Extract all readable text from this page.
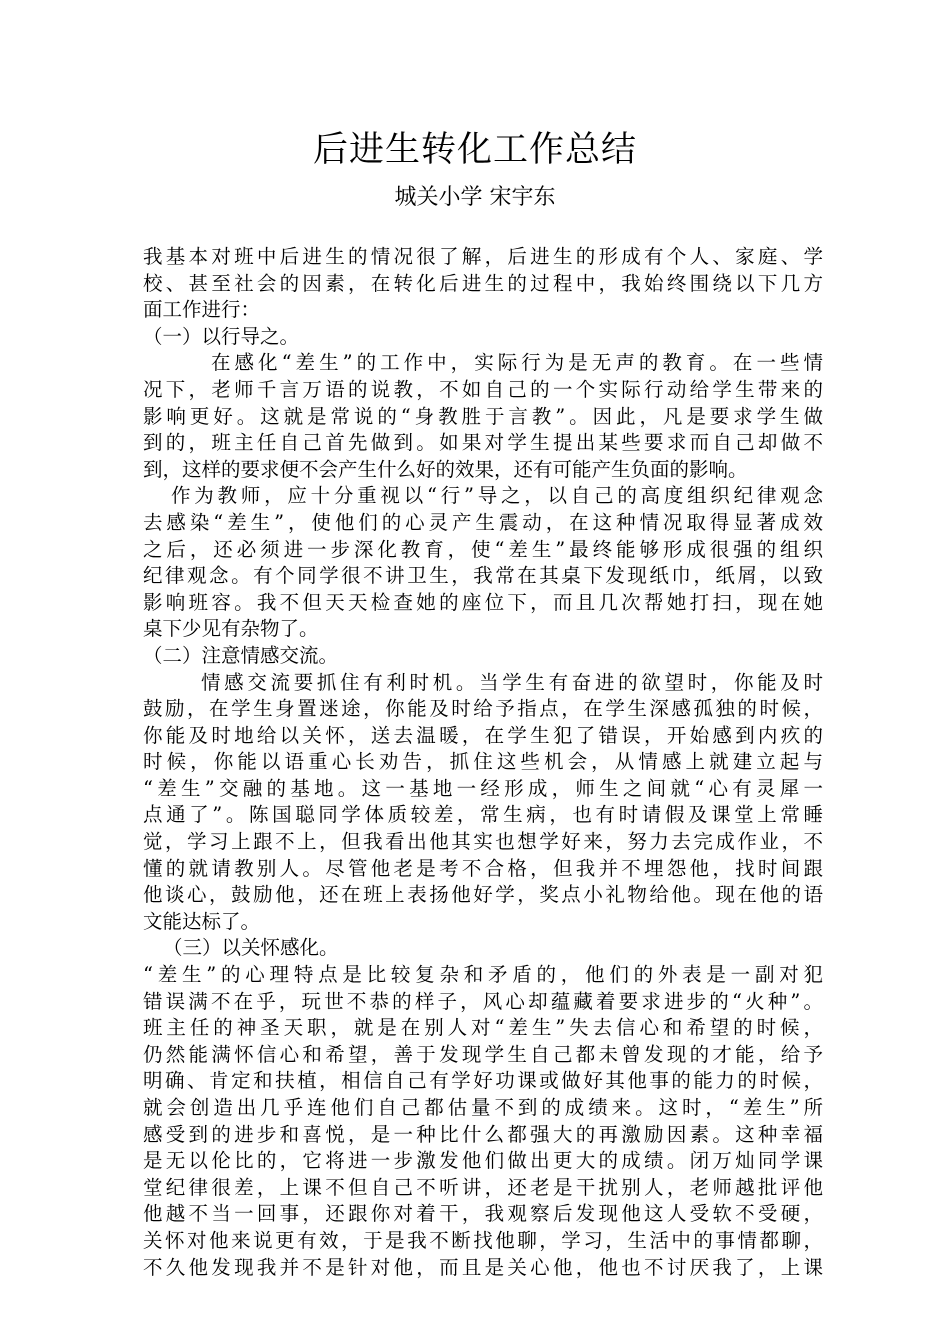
后进生转化工作总结
城关小学 宋宇东
我基本对班中后进生的情况很了解，后进生的形成有个人、家庭、学
校、甚至社会的因素，在转化后进生的过程中，我始终围绕以下几方
面工作进行：
（一）以行导之。
在感化“差生”的工作中，实际行为是无声的教育。在一些情
况下，老师千言万语的说教，不如自己的一个实际行动给学生带来的
影响更好。这就是常说的“身教胜于言教”。因此，凡是要求学生做
到的，班主任自己首先做到。如果对学生提出某些要求而自己却做不
到，这样的要求便不会产生什么好的效果，还有可能产生负面的影响。
作为教师，应十分重视以“行”导之，以自己的高度组织纪律观念
去感染“差生”，使他们的心灵产生震动，在这种情况取得显著成效
之后，还必须进一步深化教育，使“差生”最终能够形成很强的组织
纪律观念。有个同学很不讲卫生，我常在其桌下发现纸巾，纸屑，以致
影响班容。我不但天天检查她的座位下，而且几次帮她打扫，现在她
桌下少见有杂物了。
（二）注意情感交流。
情感交流要抓住有利时机。当学生有奋进的欲望时，你能及时
鼓励，在学生身置迷途，你能及时给予指点，在学生深感孤独的时候，
你能及时地给以关怀，送去温暖，在学生犯了错误，开始感到内疚的
时候，你能以语重心长劝告，抓住这些机会，从情感上就建立起与
“差生”交融的基地。这一基地一经形成，师生之间就“心有灵犀一
点通了”。陈国聪同学体质较差，常生病，也有时请假及课堂上常睡
觉，学习上跟不上，但我看出他其实也想学好来，努力去完成作业，不
懂的就请教别人。尽管他老是考不合格，但我并不埋怨他，找时间跟
他谈心，鼓励他，还在班上表扬他好学，奖点小礼物给他。现在他的语
文能达标了。
（三）以关怀感化。
“差生”的心理特点是比较复杂和矛盾的，他们的外表是一副对犯
错误满不在乎，玩世不恭的样子，风心却蕴藏着要求进步的“火种”。
班主任的神圣天职，就是在别人对“差生”失去信心和希望的时候，
仍然能满怀信心和希望，善于发现学生自己都未曾发现的才能，给予
明确、肯定和扶植，相信自己有学好功课或做好其他事的能力的时候，
就会创造出几乎连他们自己都估量不到的成绩来。这时，“差生”所
感受到的进步和喜悦，是一种比什么都强大的再激励因素。这种幸福
是无以伦比的，它将进一步激发他们做出更大的成绩。闭万灿同学课
堂纪律很差，上课不但自己不听讲，还老是干扰别人，老师越批评他
他越不当一回事，还跟你对着干，我观察后发现他这人受软不受硬，
关怀对他来说更有效，于是我不断找他聊，学习，生活中的事情都聊，
不久他发现我并不是针对他，而且是关心他，他也不讨厌我了，上课
